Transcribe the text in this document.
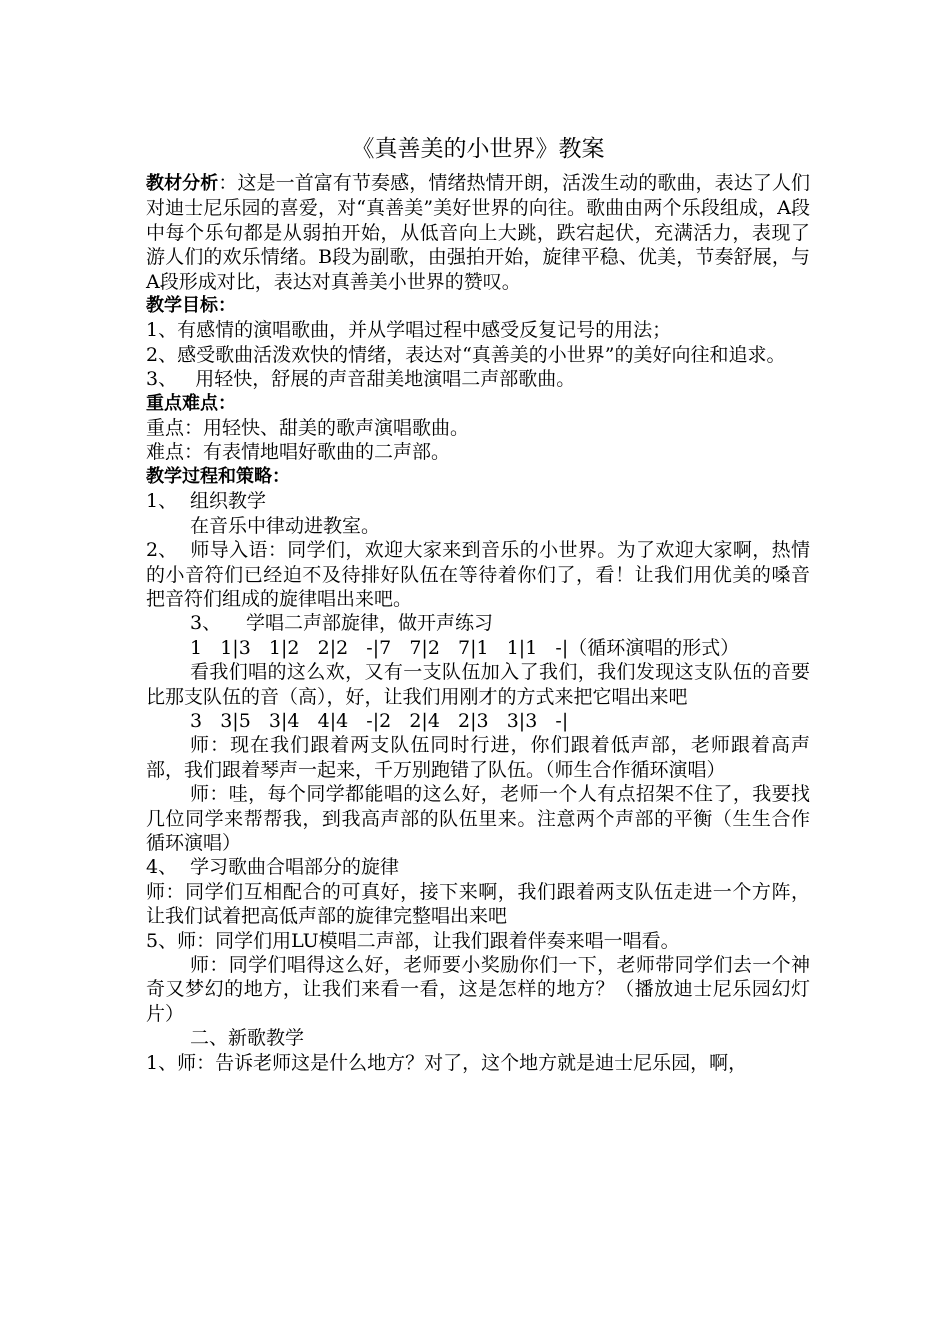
《真善美的小世界》教案

教材分析：这是一首富有节奏感，情绪热情开朗，活泼生动的歌曲，表达了人们对迪士尼乐园的喜爱，对“真善美”美好世界的向往。歌曲由两个乐段组成，A段中每个乐句都是从弱拍开始，从低音向上大跳，跌宕起伏，充满活力，表现了游人们的欢乐情绪。B段为副歌，由强拍开始，旋律平稳、优美，节奏舒展，与A段形成对比，表达对真善美小世界的赞叹。

教学目标：

1、有感情的演唱歌曲，并从学唱过程中感受反复记号的用法；

2、感受歌曲活泼欢快的情绪，表达对“真善美的小世界”的美好向往和追求。

3、   用轻快，舒展的声音甜美地演唱二声部歌曲。

重点难点：

重点：用轻快、甜美的歌声演唱歌曲。

难点：有表情地唱好歌曲的二声部。

教学过程和策略：

1、 组织教学

在音乐中律动进教室。

2、 师导入语：同学们，欢迎大家来到音乐的小世界。为了欢迎大家啊，热情的小音符们已经迫不及待排好队伍在等待着你们了，看！让我们用优美的嗓音把音符们组成的旋律唱出来吧。

3、 学唱二声部旋律，做开声练习

1   1|3   1|2   2|2   -|7   7|2   7|1   1|1   -|（循环演唱的形式）

看我们唱的这么欢，又有一支队伍加入了我们，我们发现这支队伍的音要比那支队伍的音（高），好，让我们用刚才的方式来把它唱出来吧

3   3|5   3|4   4|4   -|2   2|4   2|3   3|3   -|

师：现在我们跟着两支队伍同时行进，你们跟着低声部，老师跟着高声部，我们跟着琴声一起来，千万别跑错了队伍。（师生合作循环演唱）

师：哇，每个同学都能唱的这么好，老师一个人有点招架不住了，我要找几位同学来帮帮我，到我高声部的队伍里来。注意两个声部的平衡（生生合作循环演唱）

4、 学习歌曲合唱部分的旋律

师：同学们互相配合的可真好，接下来啊，我们跟着两支队伍走进一个方阵，让我们试着把高低声部的旋律完整唱出来吧

5、师：同学们用LU模唱二声部，让我们跟着伴奏来唱一唱看。

师：同学们唱得这么好，老师要小奖励你们一下，老师带同学们去一个神奇又梦幻的地方，让我们来看一看，这是怎样的地方？（播放迪士尼乐园幻灯片）

二、新歌教学

1、师：告诉老师这是什么地方？对了，这个地方就是迪士尼乐园，啊，
